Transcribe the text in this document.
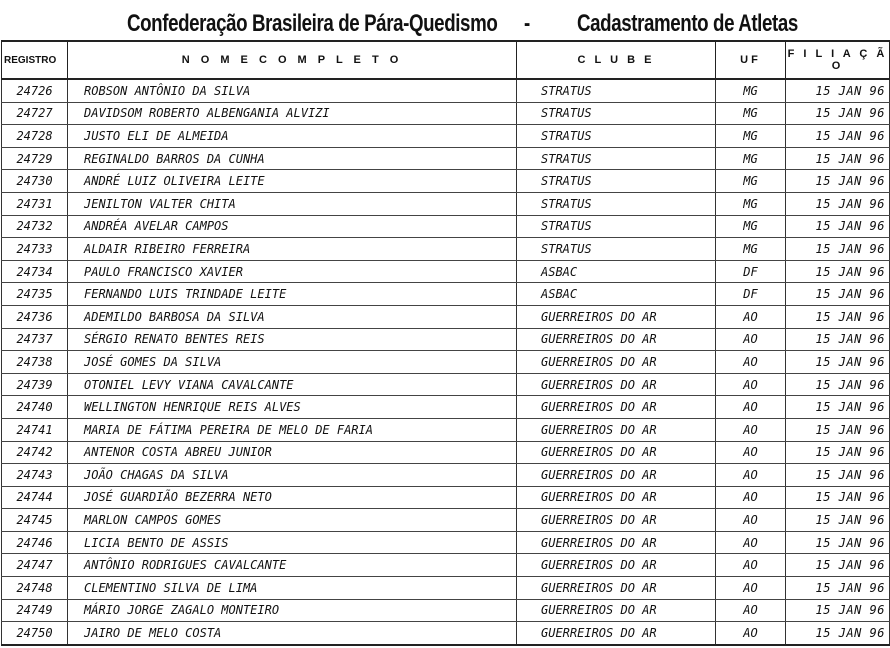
Confederação Brasileira de Pára-Quedismo - Cadastramento de Atletas
REGISTRO	N O M E C O M P L E T O	C L U B E	UF	F I L I A Ç Ã O
24726	ROBSON ANTÔNIO DA SILVA	STRATUS	MG	15 JAN 96
24727	DAVIDSOM ROBERTO ALBENGANIA ALVIZI	STRATUS	MG	15 JAN 96
24728	JUSTO ELI DE ALMEIDA	STRATUS	MG	15 JAN 96
24729	REGINALDO BARROS DA CUNHA	STRATUS	MG	15 JAN 96
24730	ANDRÉ LUIZ OLIVEIRA LEITE	STRATUS	MG	15 JAN 96
24731	JENILTON VALTER CHITA	STRATUS	MG	15 JAN 96
24732	ANDRÉA AVELAR CAMPOS	STRATUS	MG	15 JAN 96
24733	ALDAIR RIBEIRO FERREIRA	STRATUS	MG	15 JAN 96
24734	PAULO FRANCISCO XAVIER	ASBAC	DF	15 JAN 96
24735	FERNANDO LUIS TRINDADE LEITE	ASBAC	DF	15 JAN 96
24736	ADEMILDO BARBOSA DA SILVA	GUERREIROS DO AR	AO	15 JAN 96
24737	SÉRGIO RENATO BENTES REIS	GUERREIROS DO AR	AO	15 JAN 96
24738	JOSÉ GOMES DA SILVA	GUERREIROS DO AR	AO	15 JAN 96
24739	OTONIEL LEVY VIANA CAVALCANTE	GUERREIROS DO AR	AO	15 JAN 96
24740	WELLINGTON HENRIQUE REIS ALVES	GUERREIROS DO AR	AO	15 JAN 96
24741	MARIA DE FÁTIMA PEREIRA DE MELO DE FARIA	GUERREIROS DO AR	AO	15 JAN 96
24742	ANTENOR COSTA ABREU JUNIOR	GUERREIROS DO AR	AO	15 JAN 96
24743	JOÃO CHAGAS DA SILVA	GUERREIROS DO AR	AO	15 JAN 96
24744	JOSÉ GUARDIÃO BEZERRA NETO	GUERREIROS DO AR	AO	15 JAN 96
24745	MARLON CAMPOS GOMES	GUERREIROS DO AR	AO	15 JAN 96
24746	LICIA BENTO DE ASSIS	GUERREIROS DO AR	AO	15 JAN 96
24747	ANTÔNIO RODRIGUES CAVALCANTE	GUERREIROS DO AR	AO	15 JAN 96
24748	CLEMENTINO SILVA DE LIMA	GUERREIROS DO AR	AO	15 JAN 96
24749	MÁRIO JORGE ZAGALO MONTEIRO	GUERREIROS DO AR	AO	15 JAN 96
24750	JAIRO DE MELO COSTA	GUERREIROS DO AR	AO	15 JAN 96
